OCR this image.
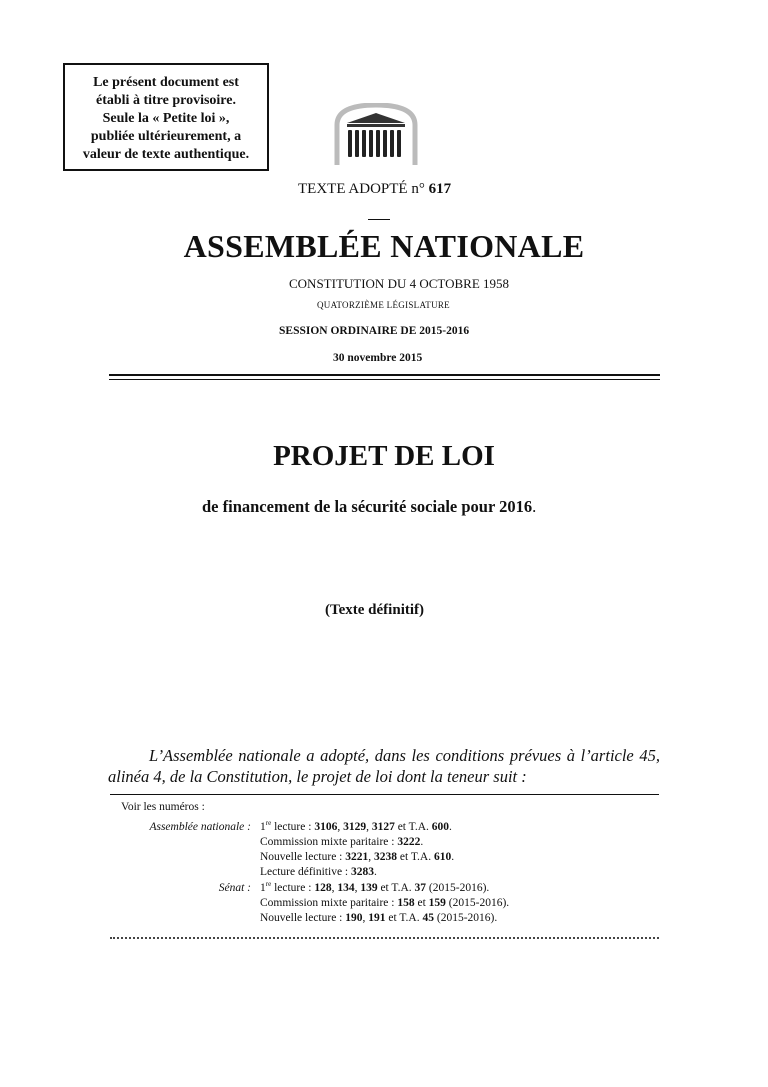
Le présent document est
établi à titre provisoire.
Seule la « Petite loi »,
publiée ultérieurement, a
valeur de texte authentique.
TEXTE ADOPTÉ n° 617
ASSEMBLÉE NATIONALE
CONSTITUTION DU 4 OCTOBRE 1958
QUATORZIÈME LÉGISLATURE
SESSION ORDINAIRE DE 2015-2016
30 novembre 2015
PROJET DE LOI
de financement de la sécurité sociale pour 2016.
(Texte définitif)
L’Assemblée nationale a adopté, dans les conditions prévues à l’article 45, alinéa 4, de la Constitution, le projet de loi dont la teneur suit :
Voir les numéros :
Assemblée nationale : 1re lecture : 3106, 3129, 3127 et T.A. 600.
Commission mixte paritaire : 3222.
Nouvelle lecture : 3221, 3238 et T.A. 610.
Lecture définitive : 3283.
Sénat : 1re lecture : 128, 134, 139 et T.A. 37 (2015-2016).
Commission mixte paritaire : 158 et 159 (2015-2016).
Nouvelle lecture : 190, 191 et T.A. 45 (2015-2016).
